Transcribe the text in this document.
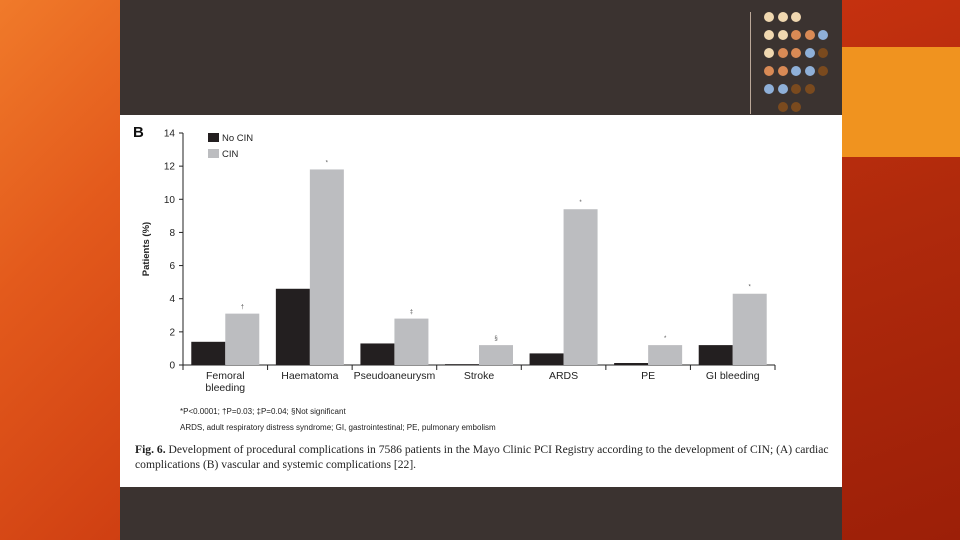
B
0
2
4
6
8
10
12
14
Patients (%)
No CIN
CIN
†
Femoral
bleeding
*
Haematoma
‡
Pseudoaneurysm
§
Stroke
*
ARDS
*
PE
*
GI bleeding
*P<0.0001; †P=0.03; ‡P=0.04; §Not significant
ARDS, adult respiratory distress syndrome; GI, gastrointestinal; PE, pulmonary embolism
Fig. 6. Development of procedural complications in 7586 patients in the Mayo Clinic PCI Registry according to the development of CIN; (A) cardiac complications (B) vascular and systemic complications [22].
